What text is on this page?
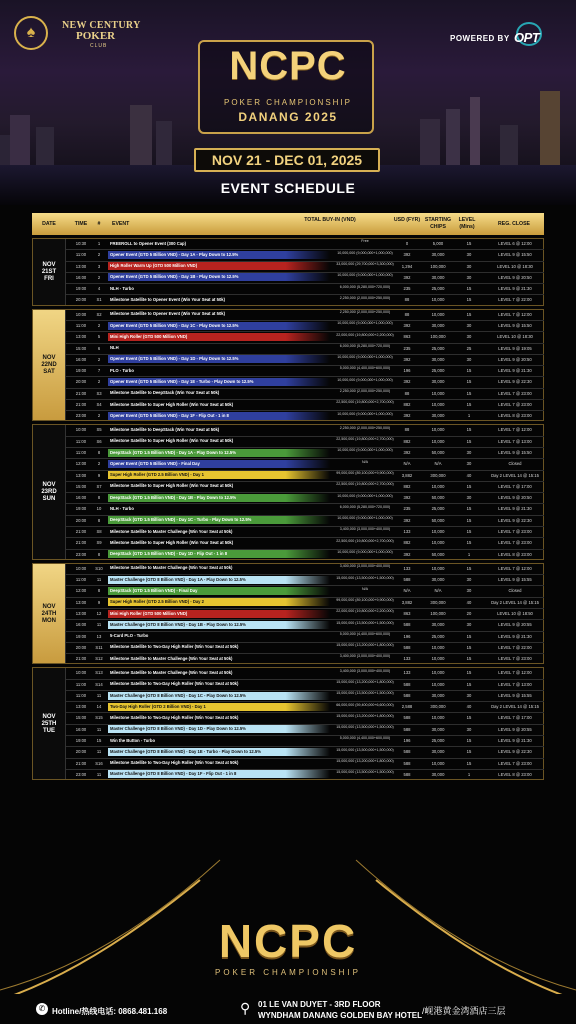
♠	NEW CENTURY
POKER
CLUB
POWERED BY OPT
NCPC
POKER CHAMPIONSHIP
DANANG 2025
NOV 21 - DEC 01, 2025
EVENT SCHEDULE
DATE	TIME	#	EVENT
TOTAL BUY-IN (VND)	USD (FYR) STARTING CHIPS
LEVEL (Mins)	REG. CLOSE
NOV
21ST
FRI
10:30	1	FREEROLL to Opener Event (300 Cap)	Free	0	5,000	15	LEVEL 6 @ 12:00
11:00	2	Opener Event (GTD 5 Billion VND) - Day 1A - Play Down to 12.5%	10,000,000 (9,000,000+1,000,000)	392	30,000	30	LEVEL 9 @ 15:50
13:00	3	High Roller Warm Up (GTD 500 Million VND)	33,000,000 (29,700,000+3,300,000)	1,294	100,000	30	LEVEL 10 @ 18:30
16:00	2	Opener Event (GTD 5 Billion VND) - Day 1B - Play Down to 12.5%	10,000,000 (9,000,000+1,000,000)	392	30,000	30	LEVEL 9 @ 20:50
19:00	4	NLH - Turbo	6,000,000 (5,280,000+720,000)	235	25,000	15	LEVEL 9 @ 21:30
20:00	S1	Milestone Satellite to Opener Event (Win Your Seat at 50k)	2,250,000 (2,000,000+250,000)	88	10,000	15	LEVEL 7 @ 22:00
NOV
22ND
SAT
10:00	S2	Milestone Satellite to Opener Event (Win Your Seat at 50k)	2,250,000 (2,000,000+250,000)	88	10,000	15	LEVEL 7 @ 12:00
11:00	2	Opener Event (GTD 5 Billion VND) - Day 1C - Play Down to 12.5%	10,000,000 (9,000,000+1,000,000)	392	30,000	30	LEVEL 9 @ 15:50
13:00	5	Mini High Roller (GTD 500 Million VND)	22,000,000 (19,800,000+2,200,000)	863	100,000	30	LEVEL 10 @ 18:30
15:00	6	NLH	6,000,000 (5,280,000+720,000)	235	25,000	25	LEVEL 9 @ 19:05
16:00	2	Opener Event (GTD 5 Billion VND) - Day 1D - Play Down to 12.5%	10,000,000 (9,000,000+1,000,000)	392	30,000	30	LEVEL 9 @ 20:50
19:00	7	PLO - Turbo	5,000,000 (4,400,000+600,000)	196	25,000	15	LEVEL 9 @ 21:30
20:00	2	Opener Event (GTD 5 Billion VND) - Day 1E - Turbo - Play Down to 12.5%	10,000,000 (9,000,000+1,000,000)	392	30,000	15	LEVEL 9 @ 22:30
21:00	S3	Milestone Satellite to DeepStack (Win Your Seat at 50k)	2,250,000 (2,000,000+250,000)	88	10,000	15	LEVEL 7 @ 23:00
21:00	S4	Milestone Satellite to Super High Roller (Win Your Seat at 50k)	22,500,000 (19,800,000+2,700,000)	882	10,000	15	LEVEL 7 @ 23:00
23:00	2	Opener Event (GTD 5 Billion VND) - Day 1F - Flip Out - 1 in 8	10,000,000 (9,000,000+1,000,000)	392	30,000	1	LEVEL 8 @ 23:00
NOV
23RD
SUN
10:00	S5	Milestone Satellite to DeepStack (Win Your Seat at 50k)	2,250,000 (2,000,000+250,000)	88	10,000	15	LEVEL 7 @ 12:00
11:00	S6	Milestone Satellite to Super High Roller (Win Your Seat at 50k)	22,500,000 (19,800,000+2,700,000)	882	10,000	15	LEVEL 7 @ 13:00
11:00	8	DeepStack (GTD 1.5 Billion VND) - Day 1A - Play Down to 12.5%	10,000,000 (9,000,000+1,000,000)	392	50,000	30	LEVEL 9 @ 15:50
12:00	2	Opener Event (GTD 5 Billion VND) - Final Day	N/A	N/A	N/A	30	Closed
13:00	9	Super High Roller (GTD 2.5 Billion VND) - Day 1	99,000,000 (89,100,000+9,900,000)	3,882	300,000	40	Day 2 LEVEL 14 @ 15:15
15:00	S7	Milestone Satellite to Super High Roller (Win Your Seat at 50k)	22,500,000 (19,800,000+2,700,000)	882	10,000	15	LEVEL 7 @ 17:00
16:00	8	DeepStack (GTD 1.5 Billion VND) - Day 1B - Play Down to 12.5%	10,000,000 (9,000,000+1,000,000)	392	50,000	30	LEVEL 9 @ 20:50
19:00	10	NLH - Turbo	6,000,000 (5,280,000+720,000)	235	25,000	15	LEVEL 9 @ 21:30
20:00	8	DeepStack (GTD 1.5 Billion VND) - Day 1C - Turbo - Play Down to 12.5%	10,000,000 (9,000,000+1,000,000)	392	50,000	15	LEVEL 9 @ 22:30
21:00	S8	Milestone Satellite to Master Challenge (Win Your Seat at 50k)	3,400,000 (3,000,000+400,000)	133	10,000	15	LEVEL 7 @ 23:00
21:00	S9	Milestone Satellite to Super High Roller (Win Your Seat at 50k)	22,500,000 (19,800,000+2,700,000)	882	10,000	15	LEVEL 7 @ 23:00
23:00	8	DeepStack (GTD 1.5 Billion VND) - Day 1D - Flip Out - 1 in 8	10,000,000 (9,000,000+1,000,000)	392	50,000	1	LEVEL 8 @ 23:00
NOV
24TH
MON
10:00	S10	Milestone Satellite to Master Challenge (Win Your Seat at 50k)	3,400,000 (3,000,000+400,000)	133	10,000	15	LEVEL 7 @ 12:00
11:00	11	Master Challenge (GTD 8 Billion VND) - Day 1A - Play Down to 12.5%	15,000,000 (13,500,000+1,500,000)	588	30,000	30	LEVEL 9 @ 15:55
12:00	8	DeepStack (GTD 1.5 Billion VND) - Final Day	N/A	N/A	N/A	30	Closed
13:00	9	Super High Roller (GTD 2.5 Billion VND) - Day 2	99,000,000 (89,100,000+9,900,000)	3,882	300,000	40	Day 2 LEVEL 14 @ 15:15
13:00	12	Mini High Roller (GTD 500 Million VND)	22,000,000 (19,800,000+2,200,000)	863	100,000	20	LEVEL 10 @ 18:50
16:00	11	Master Challenge (GTD 8 Billion VND) - Day 1B - Play Down to 12.5%	15,000,000 (13,500,000+1,500,000)	588	30,000	30	LEVEL 9 @ 20:55
19:00	13	5-Card PLO - Turbo	5,000,000 (4,400,000+600,000)	196	25,000	15	LEVEL 9 @ 21:30
20:00	S11	Milestone Satellite to Two-Day High Roller (Win Your Seat at 50k)	15,000,000 (13,200,000+1,800,000)	588	10,000	15	LEVEL 7 @ 22:00
21:00	S12	Milestone Satellite to Master Challenge (Win Your Seat at 50k)	3,400,000 (3,000,000+400,000)	133	10,000	15	LEVEL 7 @ 23:00
NOV
25TH
TUE
10:00	S13	Milestone Satellite to Master Challenge (Win Your Seat at 50k)	3,400,000 (3,000,000+400,000)	133	10,000	15	LEVEL 7 @ 12:00
11:00	S14	Milestone Satellite to Two-Day High Roller (Win Your Seat at 50k)	15,000,000 (13,200,000+1,800,000)	588	10,000	15	LEVEL 7 @ 13:00
11:00	11	Master Challenge (GTD 8 Billion VND) - Day 1C - Play Down to 12.5%	15,000,000 (13,500,000+1,500,000)	588	30,000	30	LEVEL 9 @ 15:55
13:00	14	Two-Day High Roller (GTD 2 Billion VND) - Day 1	66,000,000 (59,400,000+6,600,000)	2,588	300,000	40	Day 2 LEVEL 14 @ 15:15
15:00	S15	Milestone Satellite to Two-Day High Roller (Win Your Seat at 50k)	15,000,000 (13,200,000+1,800,000)	588	10,000	15	LEVEL 7 @ 17:00
16:00	11	Master Challenge (GTD 8 Billion VND) - Day 1D - Play Down to 12.5%	15,000,000 (13,500,000+1,500,000)	588	30,000	30	LEVEL 9 @ 20:55
19:00	15	Win the Button - Turbo	5,000,000 (4,400,000+600,000)	196	25,000	15	LEVEL 9 @ 21:30
20:00	11	Master Challenge (GTD 8 Billion VND) - Day 1E - Turbo - Play Down to 12.5%	15,000,000 (13,500,000+1,500,000)	588	30,000	15	LEVEL 9 @ 22:30
21:00	S16	Milestone Satellite to Two-Day High Roller (Win Your Seat at 50k)	15,000,000 (13,200,000+1,800,000)	588	10,000	15	LEVEL 7 @ 23:00
23:00	11	Master Challenge (GTD 8 Billion VND) - Day 1F - Flip Out - 1 in 8	15,000,000 (13,500,000+1,500,000)	588	30,000	1	LEVEL 8 @ 23:00
NCPC
POKER CHAMPIONSHIP
✆ Hotline/热线电话: 0868.481.168	⚲ 01 LE VAN DUYET - 3RD FLOOR
WYNDHAM DANANG GOLDEN BAY HOTEL /岘港黄金湾酒店三层
